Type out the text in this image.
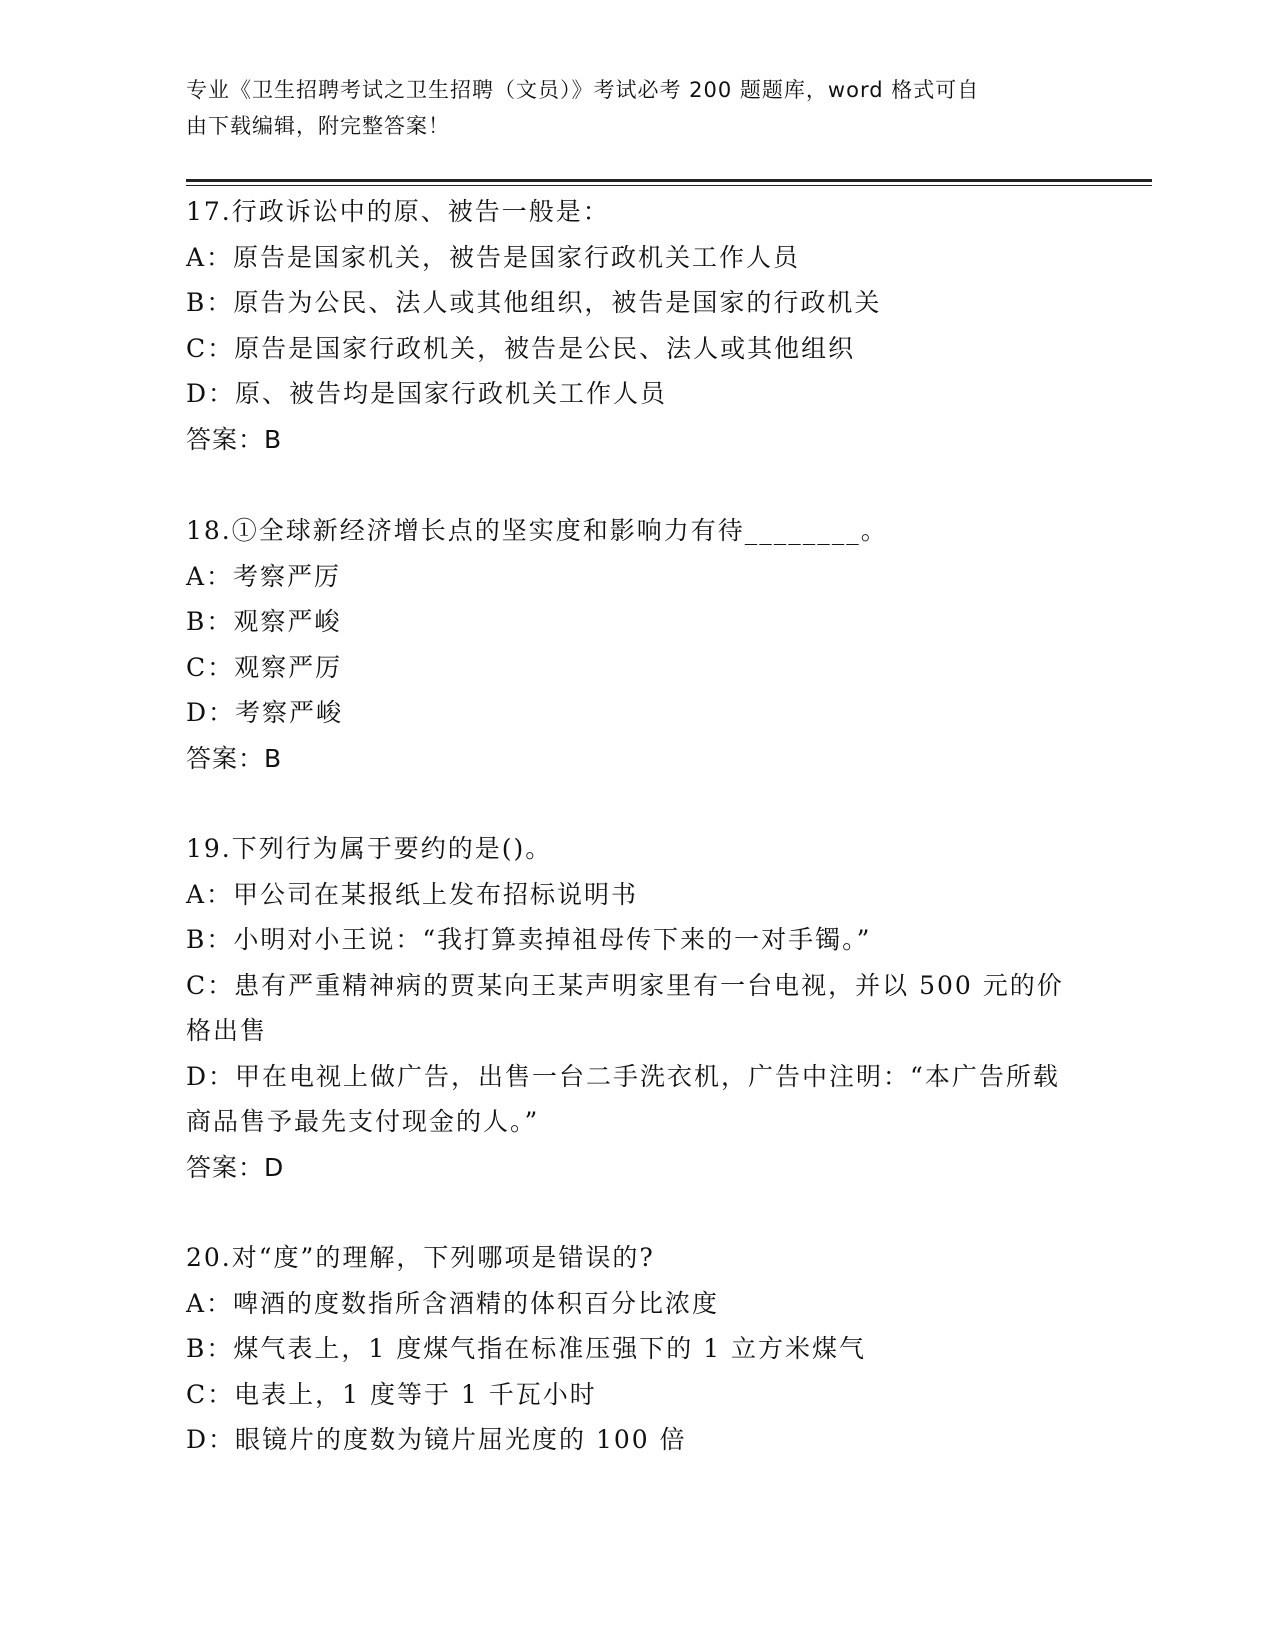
专业《卫生招聘考试之卫生招聘（文员）》考试必考 200 题题库，word 格式可自
由下载编辑，附完整答案！

17.行政诉讼中的原、被告一般是：

A：原告是国家机关，被告是国家行政机关工作人员

B：原告为公民、法人或其他组织，被告是国家的行政机关

C：原告是国家行政机关，被告是公民、法人或其他组织

D：原、被告均是国家行政机关工作人员

答案：B

18.①全球新经济增长点的坚实度和影响力有待________。

A：考察严厉

B：观察严峻

C：观察严厉

D：考察严峻

答案：B

19.下列行为属于要约的是()。

A：甲公司在某报纸上发布招标说明书

B：小明对小王说：“我打算卖掉祖母传下来的一对手镯。”

C：患有严重精神病的贾某向王某声明家里有一台电视，并以 500 元的价格出售

D：甲在电视上做广告，出售一台二手洗衣机，广告中注明：“本广告所载商品售予最先支付现金的人。”

答案：D

20.对“度”的理解，下列哪项是错误的?

A：啤酒的度数指所含酒精的体积百分比浓度

B：煤气表上，1 度煤气指在标准压强下的 1 立方米煤气

C：电表上，1 度等于 1 千瓦小时

D：眼镜片的度数为镜片屈光度的 100 倍
